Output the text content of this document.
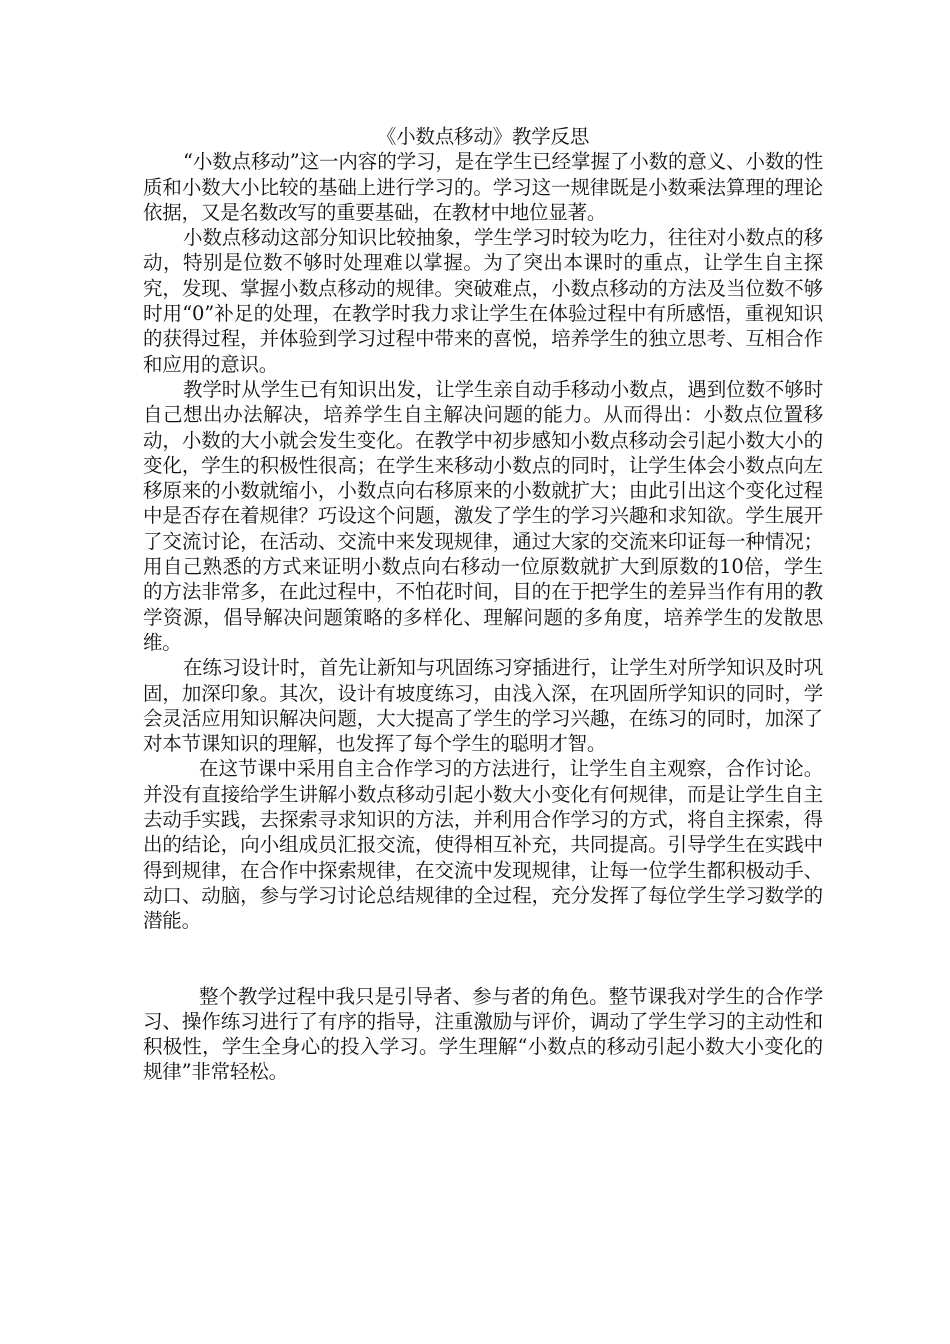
《小数点移动》教学反思

“小数点移动”这一内容的学习，是在学生已经掌握了小数的意义、小数的性质和小数大小比较的基础上进行学习的。学习这一规律既是小数乘法算理的理论依据，又是名数改写的重要基础，在教材中地位显著。

小数点移动这部分知识比较抽象，学生学习时较为吃力，往往对小数点的移动，特别是位数不够时处理难以掌握。为了突出本课时的重点，让学生自主探究，发现、掌握小数点移动的规律。突破难点，小数点移动的方法及当位数不够时用“0”补足的处理，在教学时我力求让学生在体验过程中有所感悟，重视知识的获得过程，并体验到学习过程中带来的喜悦，培养学生的独立思考、互相合作和应用的意识。

教学时从学生已有知识出发，让学生亲自动手移动小数点，遇到位数不够时自己想出办法解决，培养学生自主解决问题的能力。从而得出：小数点位置移动，小数的大小就会发生变化。在教学中初步感知小数点移动会引起小数大小的变化，学生的积极性很高；在学生来移动小数点的同时，让学生体会小数点向左移原来的小数就缩小，小数点向右移原来的小数就扩大；由此引出这个变化过程中是否存在着规律？巧设这个问题，激发了学生的学习兴趣和求知欲。学生展开了交流讨论，在活动、交流中来发现规律，通过大家的交流来印证每一种情况；用自己熟悉的方式来证明小数点向右移动一位原数就扩大到原数的10倍，学生的方法非常多，在此过程中，不怕花时间，目的在于把学生的差异当作有用的教学资源，倡导解决问题策略的多样化、理解问题的多角度，培养学生的发散思维。

在练习设计时，首先让新知与巩固练习穿插进行，让学生对所学知识及时巩固，加深印象。其次，设计有坡度练习，由浅入深，在巩固所学知识的同时，学会灵活应用知识解决问题，大大提高了学生的学习兴趣，在练习的同时，加深了对本节课知识的理解，也发挥了每个学生的聪明才智。

在这节课中采用自主合作学习的方法进行，让学生自主观察，合作讨论。并没有直接给学生讲解小数点移动引起小数大小变化有何规律，而是让学生自主去动手实践，去探索寻求知识的方法，并利用合作学习的方式，将自主探索，得出的结论，向小组成员汇报交流，使得相互补充，共同提高。引导学生在实践中得到规律，在合作中探索规律，在交流中发现规律，让每一位学生都积极动手、动口、动脑，参与学习讨论总结规律的全过程，充分发挥了每位学生学习数学的潜能。

整个教学过程中我只是引导者、参与者的角色。整节课我对学生的合作学习、操作练习进行了有序的指导，注重激励与评价，调动了学生学习的主动性和积极性，学生全身心的投入学习。学生理解“小数点的移动引起小数大小变化的规律”非常轻松。
